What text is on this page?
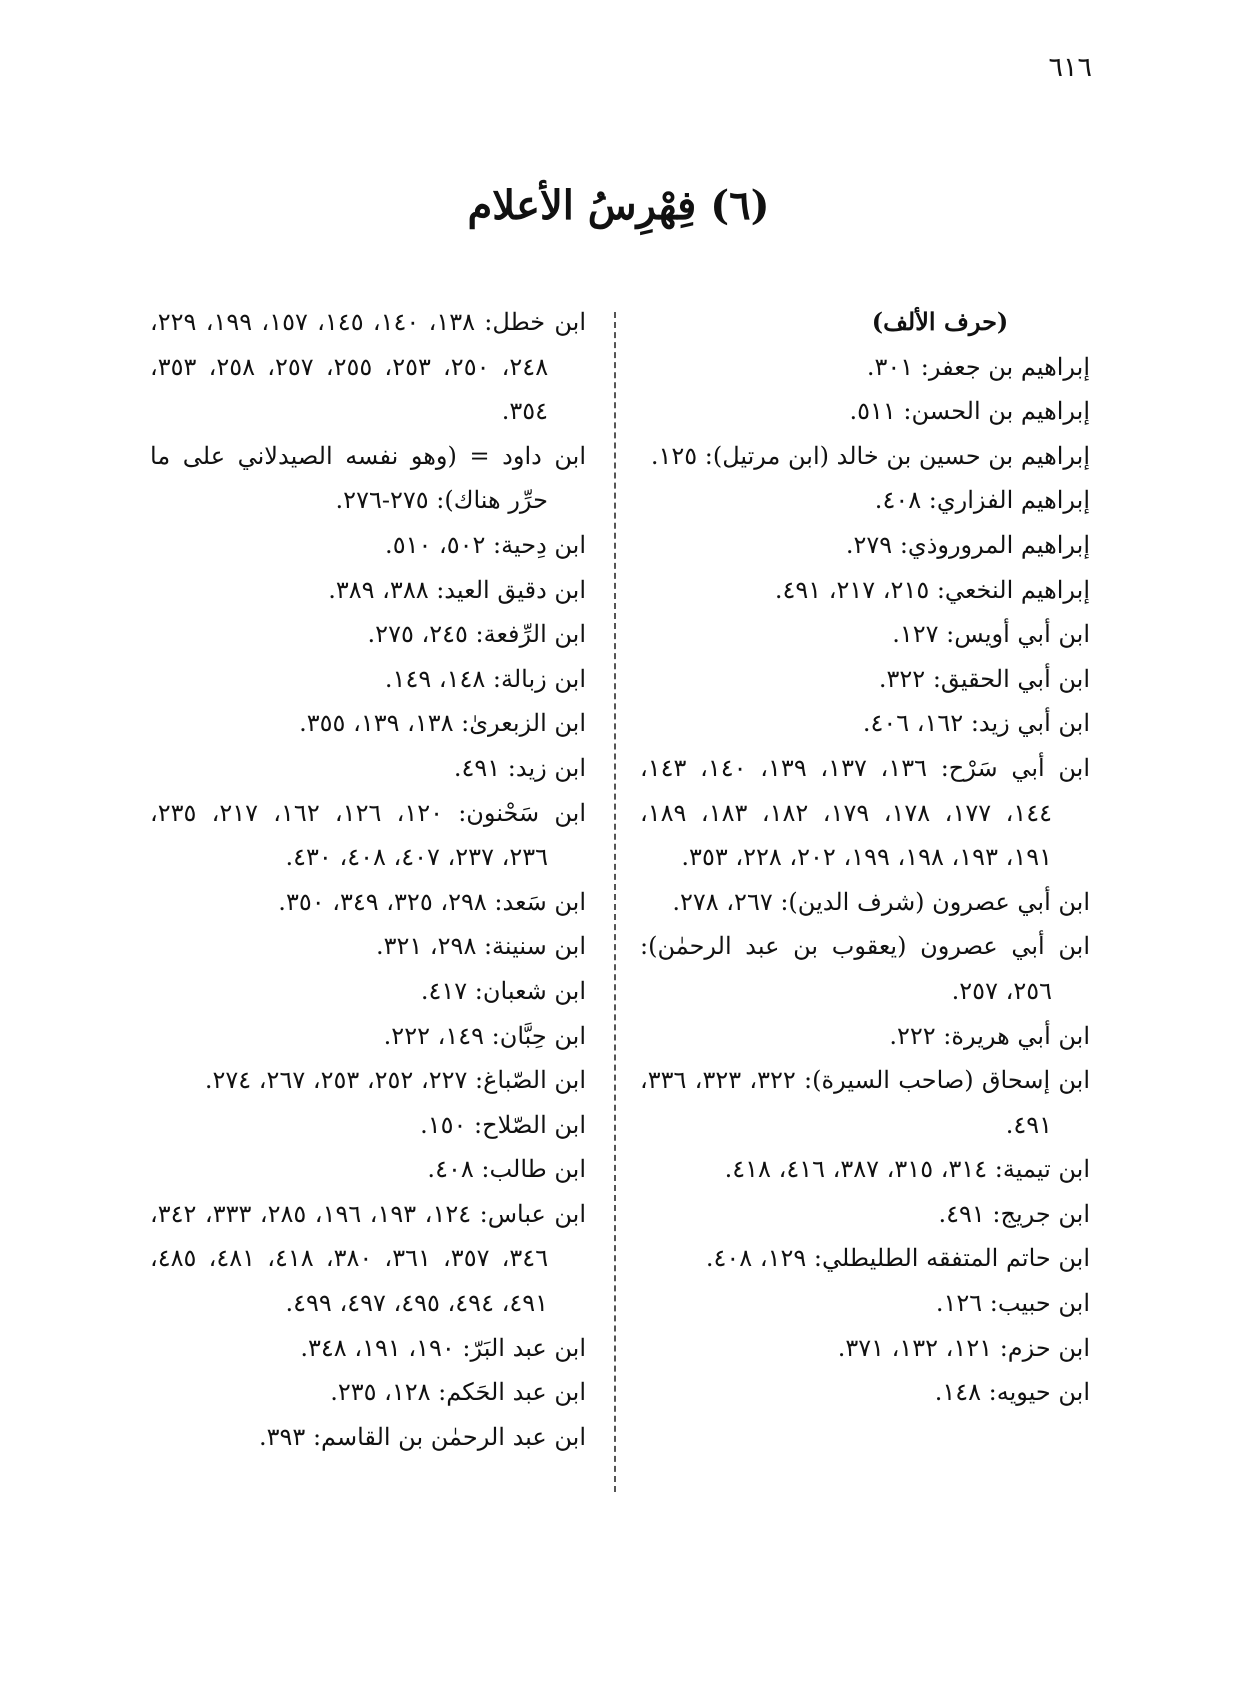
٦١٦
(٦) فِهْرِسُ الأعلام
(حرف الألف)
إبراهيم بن جعفر: ٣٠١.
إبراهيم بن الحسن: ٥١١.
إبراهيم بن حسين بن خالد (ابن مرتيل): ١٢٥.
إبراهيم الفزاري: ٤٠٨.
إبراهيم المروروذي: ٢٧٩.
إبراهيم النخعي: ٢١٥، ٢١٧، ٤٩١.
ابن أبي أويس: ١٢٧.
ابن أبي الحقيق: ٣٢٢.
ابن أبي زيد: ١٦٢، ٤٠٦.
ابن أبي سَرْح: ١٣٦، ١٣٧، ١٣٩، ١٤٠، ١٤٣، ١٤٤، ١٧٧، ١٧٨، ١٧٩، ١٨٢، ١٨٣، ١٨٩، ١٩١، ١٩٣، ١٩٨، ١٩٩، ٢٠٢، ٢٢٨، ٣٥٣.
ابن أبي عصرون (شرف الدين): ٢٦٧، ٢٧٨.
ابن أبي عصرون (يعقوب بن عبد الرحمٰن): ٢٥٦، ٢٥٧.
ابن أبي هريرة: ٢٢٢.
ابن إسحاق (صاحب السيرة): ٣٢٢، ٣٢٣، ٣٣٦، ٤٩١.
ابن تيمية: ٣١٤، ٣١٥، ٣٨٧، ٤١٦، ٤١٨.
ابن جريج: ٤٩١.
ابن حاتم المتفقه الطليطلي: ١٢٩، ٤٠٨.
ابن حبيب: ١٢٦.
ابن حزم: ١٢١، ١٣٢، ٣٧١.
ابن حيويه: ١٤٨.
ابن خطل: ١٣٨، ١٤٠، ١٤٥، ١٥٧، ١٩٩، ٢٢٩، ٢٤٨، ٢٥٠، ٢٥٣، ٢٥٥، ٢٥٧، ٢٥٨، ٣٥٣، ٣٥٤.
ابن داود = (وهو نفسه الصيدلاني على ما حرِّر هناك): ٢٧٥-٢٧٦.
ابن دِحية: ٥٠٢، ٥١٠.
ابن دقيق العيد: ٣٨٨، ٣٨٩.
ابن الرِّفعة: ٢٤٥، ٢٧٥.
ابن زبالة: ١٤٨، ١٤٩.
ابن الزبعرىٰ: ١٣٨، ١٣٩، ٣٥٥.
ابن زيد: ٤٩١.
ابن سَحْنون: ١٢٠، ١٢٦، ١٦٢، ٢١٧، ٢٣٥، ٢٣٦، ٢٣٧، ٤٠٧، ٤٠٨، ٤٣٠.
ابن سَعد: ٢٩٨، ٣٢٥، ٣٤٩، ٣٥٠.
ابن سنينة: ٢٩٨، ٣٢١.
ابن شعبان: ٤١٧.
ابن حِبَّان: ١٤٩، ٢٢٢.
ابن الصّباغ: ٢٢٧، ٢٥٢، ٢٥٣، ٢٦٧، ٢٧٤.
ابن الصّلاح: ١٥٠.
ابن طالب: ٤٠٨.
ابن عباس: ١٢٤، ١٩٣، ١٩٦، ٢٨٥، ٣٣٣، ٣٤٢، ٣٤٦، ٣٥٧، ٣٦١، ٣٨٠، ٤١٨، ٤٨١، ٤٨٥، ٤٩١، ٤٩٤، ٤٩٥، ٤٩٧، ٤٩٩.
ابن عبد البَرّ: ١٩٠، ١٩١، ٣٤٨.
ابن عبد الحَكم: ١٢٨، ٢٣٥.
ابن عبد الرحمٰن بن القاسم: ٣٩٣.
